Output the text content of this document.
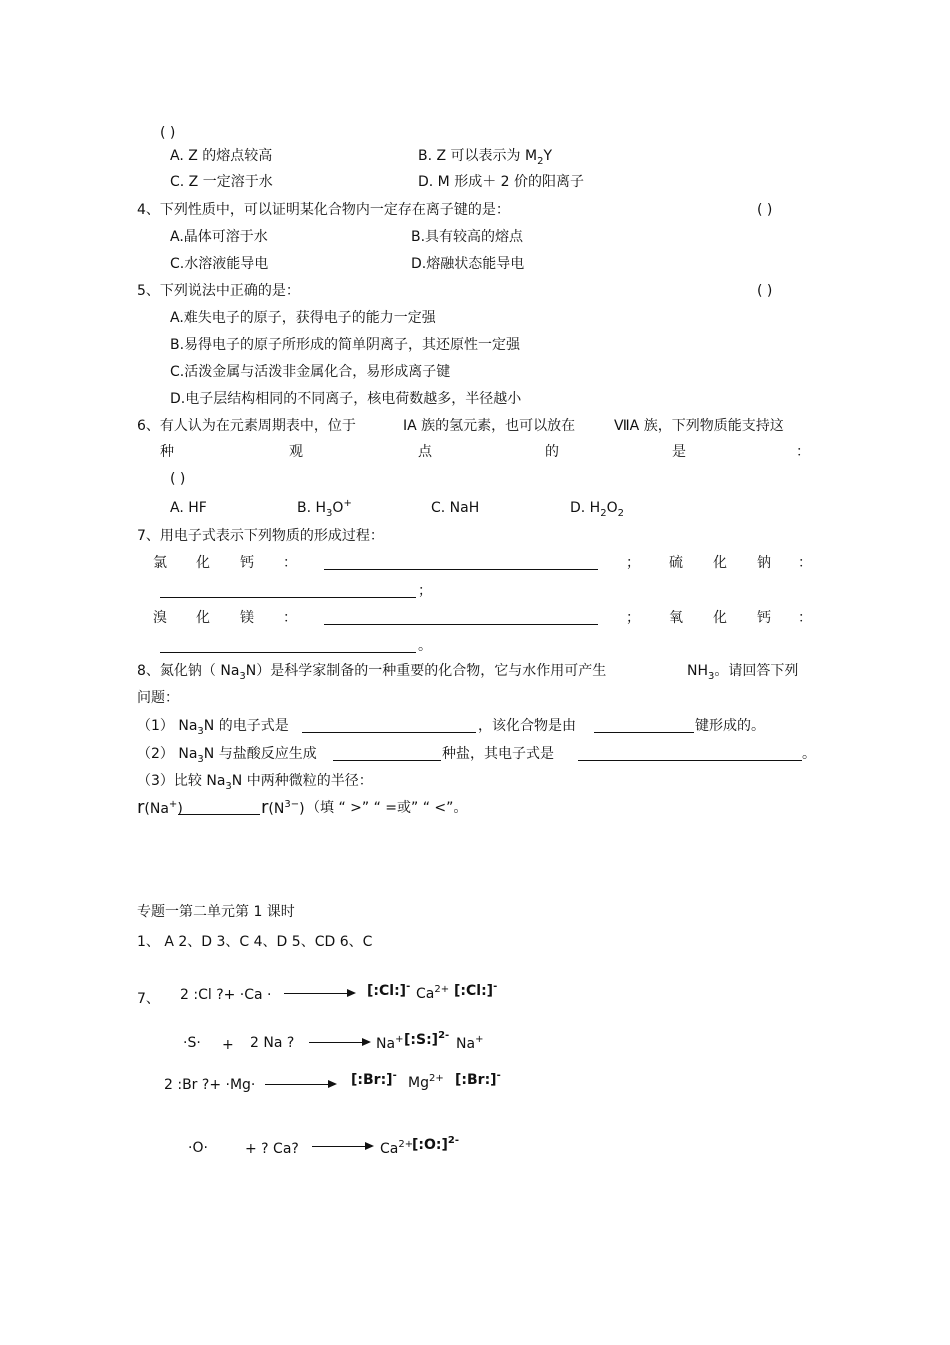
( )
A. Z 的熔点较高	B. Z 可以表示为 $M_2Y$
C. Z 一定溶于水	D. M 形成＋ 2 价的阳离子
4、下列性质中，可以证明某化合物内一定存在离子键的是：	( )
A.晶体可溶于水	B.具有较高的熔点
C.水溶液能导电	D.熔融状态能导电
5、下列说法中正确的是：	( )
A.难失电子的原子，获得电子的能力一定强
B.易得电子的原子所形成的简单阴离子，其还原性一定强
C.活泼金属与活泼非金属化合，易形成离子键
D.电子层结构相同的不同离子，核电荷数越多，半径越小
6、有人认为在元素周期表中，位于	IA 族的氢元素，也可以放在	ⅦA 族，下列物质能支持这
种	观	点	的	是	：
( )
A. HF	B. $H_3O^+$	C. NaH	D. $H_2O_2$
7、用电子式表示下列物质的形成过程：
氯 化 钙 ：	； 硫 化 钠 ：
；
溴 化 镁 ：	； 氧 化 钙 ：
。
8、氮化钠（ $Na_3N$）是科学家制备的一种重要的化合物，它与水作用可产生	$NH_3$。请回答下列
问题：
（1） $Na_3N$ 的电子式是	，该化合物是由	键形成的。
（2） $Na_3N$ 与盐酸反应生成	种盐，其电子式是	。
（3）比较 $Na_3N$ 中两种微粒的半径：
r(Na+)	$r(N^{3-})$ （填 “ >” “ =或” “ <”。
专题一第二单元第 1 课时
1、 A 2、D 3、C 4、D 5、CD 6、C
7、 2 :Cl ?+ ·Ca ·	[:Cl:]- $Ca^{2+}$ [:Cl:]-
·S· + 2 Na ?	Na+ [:S:]$^{2-}$
Na+
2 :Br ?+ ·Mg·	[:Br:]- $Mg^{2+}$ [:Br:]-
·O·	+ ? Ca?	$Ca^{2+}$
[:O:]$^{2-}$
